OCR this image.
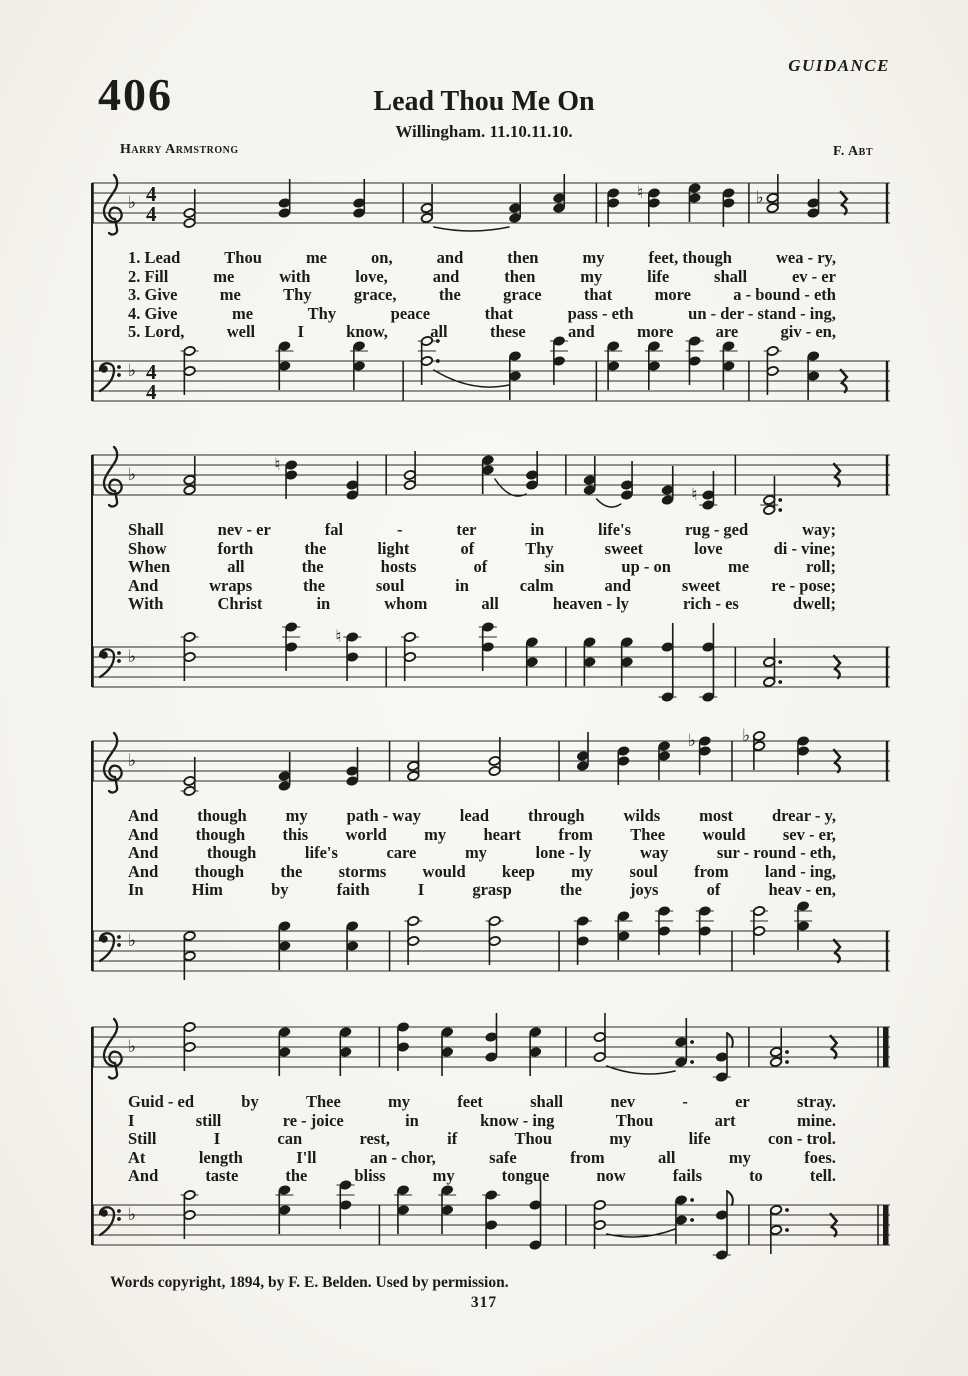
GUIDANCE
406	Lead Thou Me On
Willingham. 11.10.11.10.
Harry Armstrong	F. Abt
♭ 4
4
♮	♭
1. Lead	Thou	me	on,	and	then	my	feet, though	wea - ry,
2. Fill	me	with	love,	and	then	my	life	shall	ev - er
3. Give	me	Thy	grace,	the	grace	that	more	a - bound - eth
4. Give	me	Thy	peace	that	pass - eth	un - der - stand - ing,
5. Lord,	well	I	know,	all	these	and	more	are	giv - en,
♭ 4
4
♭	♮
♮
Shall	nev - er	fal	-	ter	in	life's	rug - ged	way;
Show	forth	the	light	of	Thy	sweet	love	di - vine;
When	all	the	hosts	of	sin	up - on	me	roll;
And	wraps	the	soul	in	calm	and	sweet	re - pose;
With	Christ	in	whom	all	heaven - ly	rich - es	dwell;
♭
♮
♭
♭	♭
And though my path - way lead through wilds most drear - y,
And though this world my heart from Thee would sev - er,
And	though	life's	care	my	lone - ly	way	sur - round - eth,
And though the storms would keep my soul from land - ing,
In	Him	by	faith	I	grasp	the	joys	of	heav - en,
♭
♭
Guid - ed	by	Thee	my	feet	shall	nev	-	er	stray.
I	still	re - joice	in	know - ing	Thou	art	mine.
Still	I	can	rest,	if	Thou	my	life	con - trol.
At	length	I'll	an - chor,	safe	from	all	my	foes.
And	taste	the	bliss	my	tongue	now	fails	to	tell.
♭
Words copyright, 1894, by F. E. Belden. Used by permission.
317
